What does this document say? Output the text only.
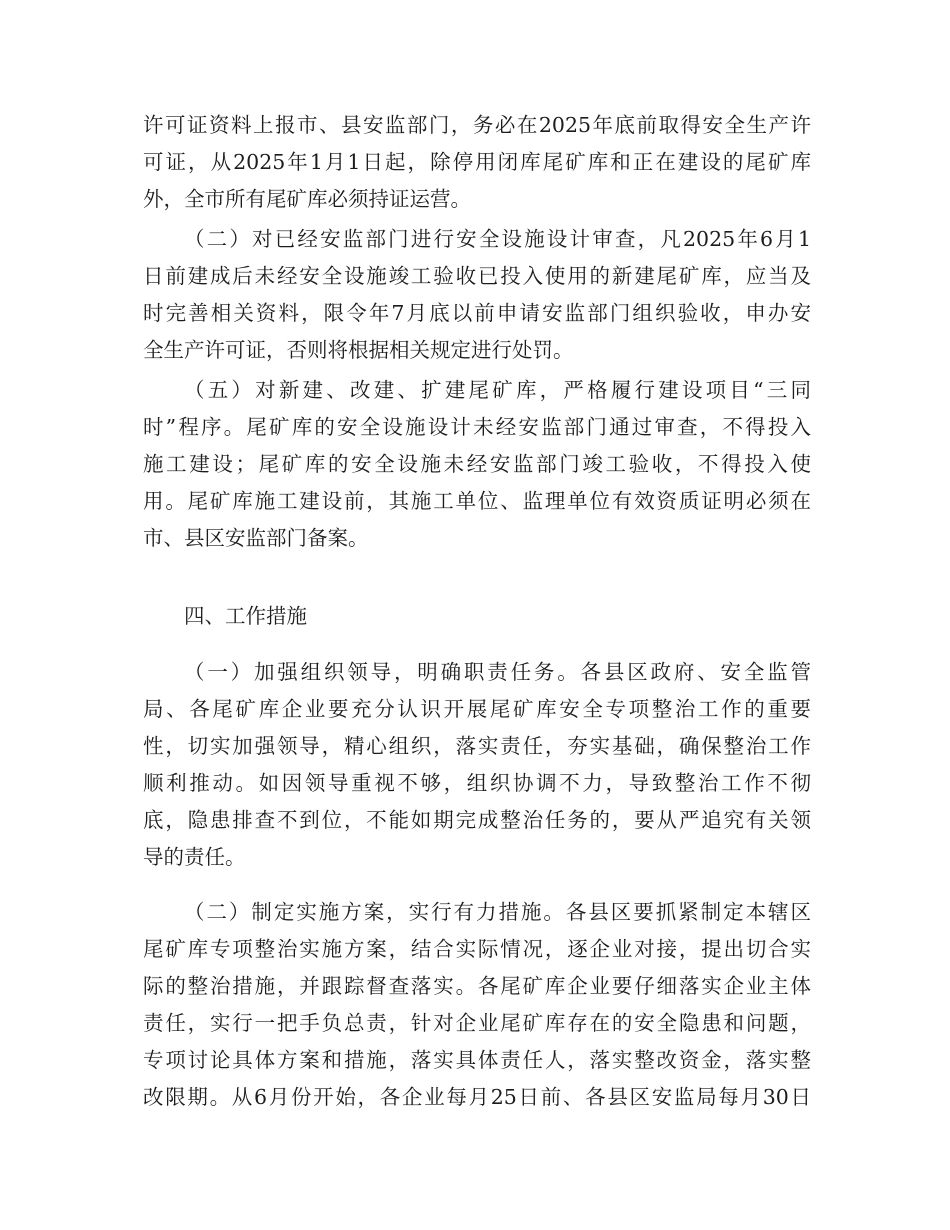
许可证资料上报市、县安监部门，务必在2025年底前取得安全生产许
可证，从2025年1月1日起，除停用闭库尾矿库和正在建设的尾矿库
外，全市所有尾矿库必须持证运营。
（二）对已经安监部门进行安全设施设计审查，凡2025年6月1
日前建成后未经安全设施竣工验收已投入使用的新建尾矿库，应当及
时完善相关资料，限令年7月底以前申请安监部门组织验收，申办安
全生产许可证，否则将根据相关规定进行处罚。
（五）对新建、改建、扩建尾矿库，严格履行建设项目“三同
时”程序。尾矿库的安全设施设计未经安监部门通过审查，不得投入
施工建设；尾矿库的安全设施未经安监部门竣工验收，不得投入使
用。尾矿库施工建设前，其施工单位、监理单位有效资质证明必须在
市、县区安监部门备案。
四、工作措施
（一）加强组织领导，明确职责任务。各县区政府、安全监管
局、各尾矿库企业要充分认识开展尾矿库安全专项整治工作的重要
性，切实加强领导，精心组织，落实责任，夯实基础，确保整治工作
顺利推动。如因领导重视不够，组织协调不力，导致整治工作不彻
底，隐患排查不到位，不能如期完成整治任务的，要从严追究有关领
导的责任。
（二）制定实施方案，实行有力措施。各县区要抓紧制定本辖区
尾矿库专项整治实施方案，结合实际情况，逐企业对接，提出切合实
际的整治措施，并跟踪督查落实。各尾矿库企业要仔细落实企业主体
责任，实行一把手负总责，针对企业尾矿库存在的安全隐患和问题，
专项讨论具体方案和措施，落实具体责任人，落实整改资金，落实整
改限期。从6月份开始，各企业每月25日前、各县区安监局每月30日
